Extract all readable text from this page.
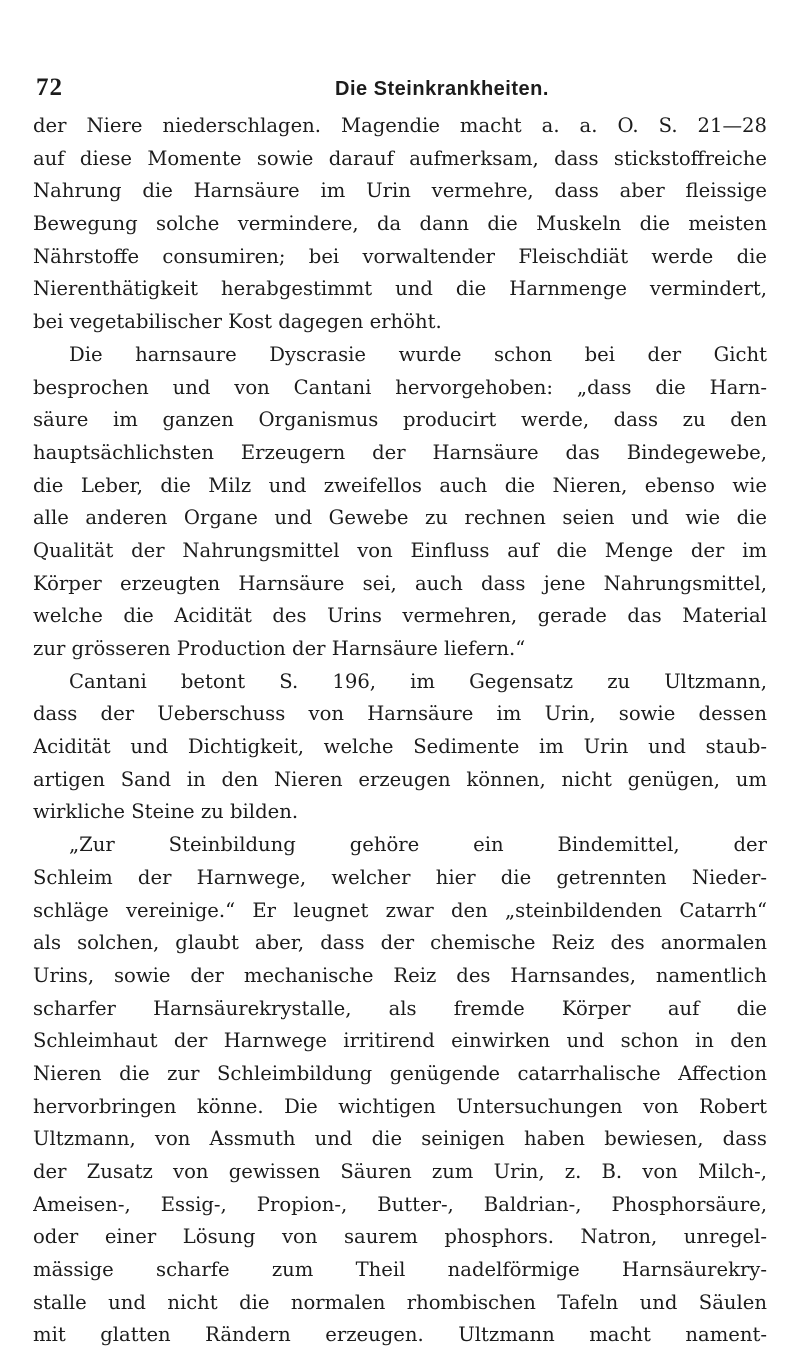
72	Die Steinkrankheiten.
der Niere niederschlagen. Magendie macht a. a. O. S. 21—28
auf diese Momente sowie darauf aufmerksam, dass stickstoffreiche
Nahrung die Harnsäure im Urin vermehre, dass aber fleissige
Bewegung solche vermindere, da dann die Muskeln die meisten
Nährstoffe consumiren; bei vorwaltender Fleischdiät werde die
Nierenthätigkeit herabgestimmt und die Harnmenge vermindert,
bei vegetabilischer Kost dagegen erhöht.
Die harnsaure Dyscrasie wurde schon bei der Gicht
besprochen und von Cantani hervorgehoben: „dass die Harn-
säure im ganzen Organismus producirt werde, dass zu den
hauptsächlichsten Erzeugern der Harnsäure das Bindegewebe,
die Leber, die Milz und zweifellos auch die Nieren, ebenso wie
alle anderen Organe und Gewebe zu rechnen seien und wie die
Qualität der Nahrungsmittel von Einfluss auf die Menge der im
Körper erzeugten Harnsäure sei, auch dass jene Nahrungsmittel,
welche die Acidität des Urins vermehren, gerade das Material
zur grösseren Production der Harnsäure liefern.“
Cantani betont S. 196, im Gegensatz zu Ultzmann,
dass der Ueberschuss von Harnsäure im Urin, sowie dessen
Acidität und Dichtigkeit, welche Sedimente im Urin und staub-
artigen Sand in den Nieren erzeugen können, nicht genügen, um
wirkliche Steine zu bilden.
„Zur Steinbildung gehöre ein Bindemittel, der
Schleim der Harnwege, welcher hier die getrennten Nieder-
schläge vereinige.“ Er leugnet zwar den „steinbildenden Catarrh“
als solchen, glaubt aber, dass der chemische Reiz des anormalen
Urins, sowie der mechanische Reiz des Harnsandes, namentlich
scharfer Harnsäurekrystalle, als fremde Körper auf die
Schleimhaut der Harnwege irritirend einwirken und schon in den
Nieren die zur Schleimbildung genügende catarrhalische Affection
hervorbringen könne. Die wichtigen Untersuchungen von Robert
Ultzmann, von Assmuth und die seinigen haben bewiesen, dass
der Zusatz von gewissen Säuren zum Urin, z. B. von Milch-,
Ameisen-, Essig-, Propion-, Butter-, Baldrian-, Phosphorsäure,
oder einer Lösung von saurem phosphors. Natron, unregel-
mässige scharfe zum Theil nadelförmige Harnsäurekry-
stalle und nicht die normalen rhombischen Tafeln und Säulen
mit glatten Rändern erzeugen. Ultzmann macht nament-
